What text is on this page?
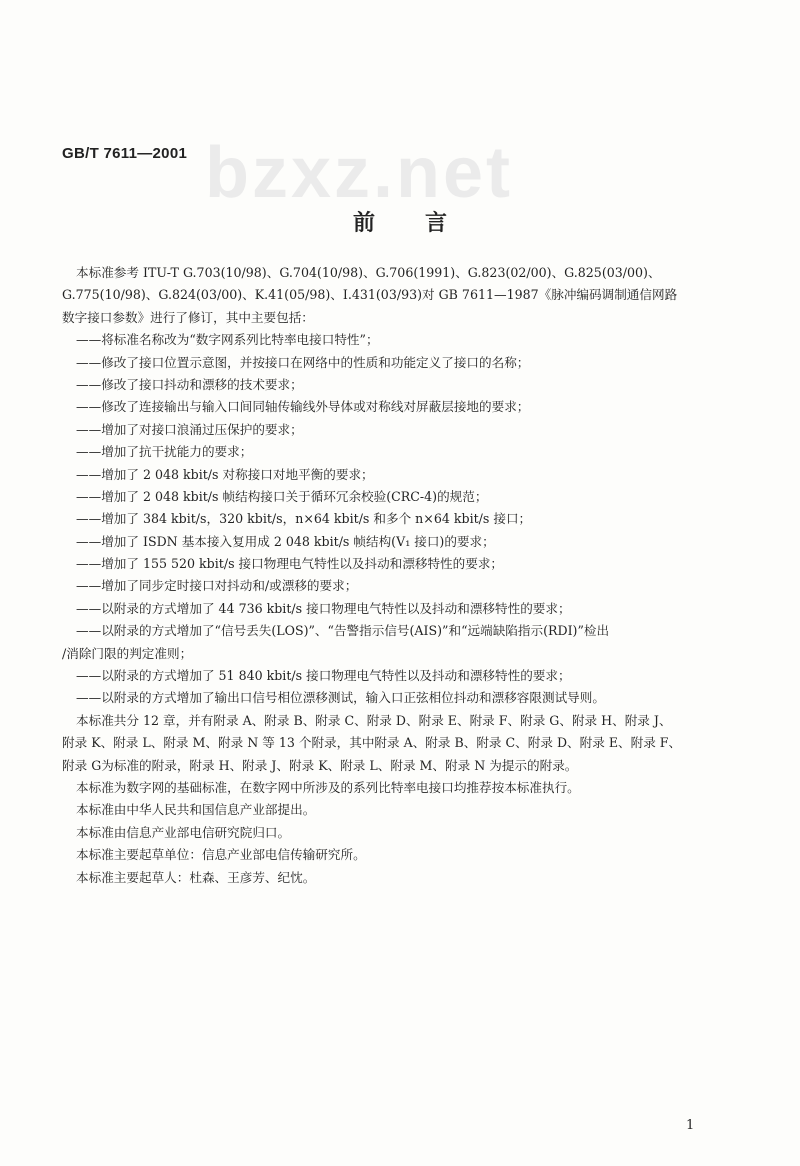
bzxz.net
GB/T 7611—2001
前言
本标准参考 ITU-T G.703(10/98)、G.704(10/98)、G.706(1991)、G.823(02/00)、G.825(03/00)、
G.775(10/98)、G.824(03/00)、K.41(05/98)、I.431(03/93)对 GB 7611—1987《脉冲编码调制通信网路
数字接口参数》进行了修订，其中主要包括：
——将标准名称改为“数字网系列比特率电接口特性”；
——修改了接口位置示意图，并按接口在网络中的性质和功能定义了接口的名称；
——修改了接口抖动和漂移的技术要求；
——修改了连接输出与输入口间同轴传输线外导体或对称线对屏蔽层接地的要求；
——增加了对接口浪涌过压保护的要求；
——增加了抗干扰能力的要求；
——增加了 2 048 kbit/s 对称接口对地平衡的要求；
——增加了 2 048 kbit/s 帧结构接口关于循环冗余校验(CRC-4)的规范；
——增加了 384 kbit/s，320 kbit/s，n×64 kbit/s 和多个 n×64 kbit/s 接口；
——增加了 ISDN 基本接入复用成 2 048 kbit/s 帧结构(V₁ 接口)的要求；
——增加了 155 520 kbit/s 接口物理电气特性以及抖动和漂移特性的要求；
——增加了同步定时接口对抖动和/或漂移的要求；
——以附录的方式增加了 44 736 kbit/s 接口物理电气特性以及抖动和漂移特性的要求；
——以附录的方式增加了“信号丢失(LOS)”、“告警指示信号(AIS)”和“远端缺陷指示(RDI)”检出
/消除门限的判定准则；
——以附录的方式增加了 51 840 kbit/s 接口物理电气特性以及抖动和漂移特性的要求；
——以附录的方式增加了输出口信号相位漂移测试，输入口正弦相位抖动和漂移容限测试导则。
本标准共分 12 章，并有附录 A、附录 B、附录 C、附录 D、附录 E、附录 F、附录 G、附录 H、附录 J、
附录 K、附录 L、附录 M、附录 N 等 13 个附录，其中附录 A、附录 B、附录 C、附录 D、附录 E、附录 F、
附录 G为标准的附录，附录 H、附录 J、附录 K、附录 L、附录 M、附录 N 为提示的附录。
本标准为数字网的基础标准，在数字网中所涉及的系列比特率电接口均推荐按本标准执行。
本标准由中华人民共和国信息产业部提出。
本标准由信息产业部电信研究院归口。
本标准主要起草单位：信息产业部电信传输研究所。
本标准主要起草人：杜森、王彦芳、纪忱。
1
